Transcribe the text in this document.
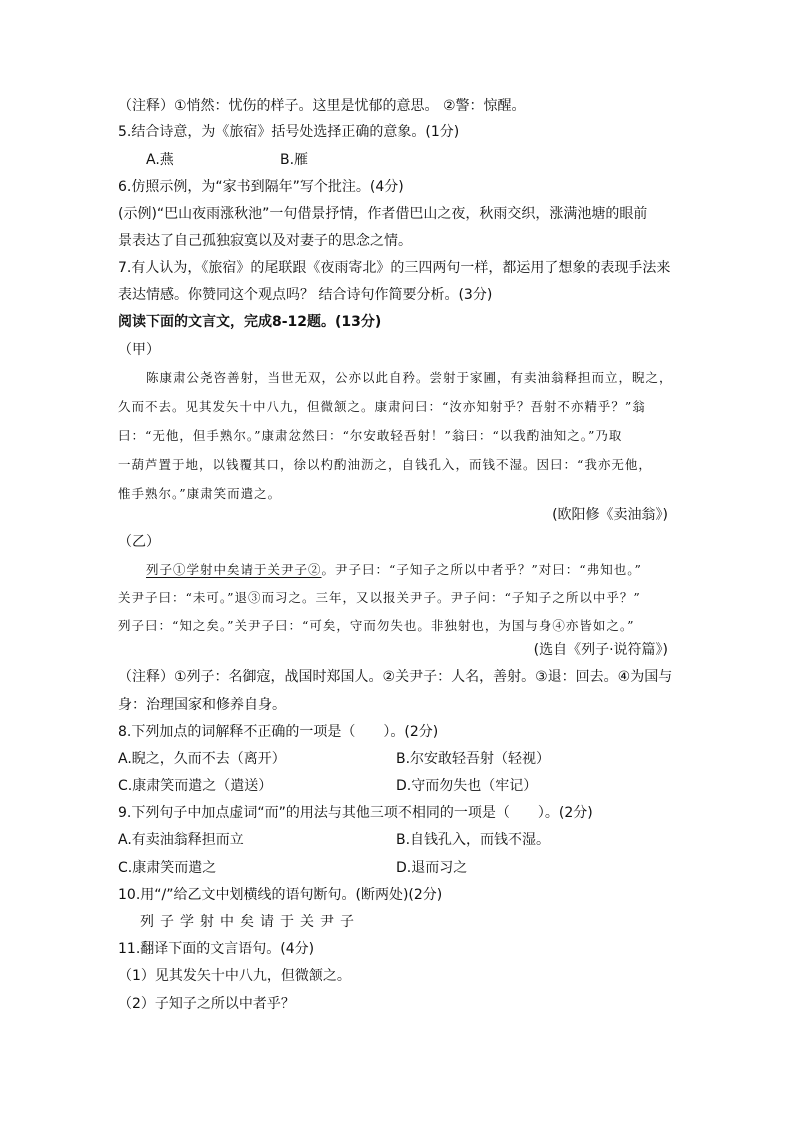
（注释）①悄然：忧伤的样子。这里是忧郁的意思。 ②警：惊醒。
5.结合诗意，为《旅宿》括号处选择正确的意象。(1分)
A.燕	B.雁
6.仿照示例，为“家书到隔年”写个批注。(4分)
(示例)“巴山夜雨涨秋池”一句借景抒情，作者借巴山之夜，秋雨交织，涨满池塘的眼前
景表达了自己孤独寂寞以及对妻子的思念之情。
7.有人认为，《旅宿》的尾联跟《夜雨寄北》的三四两句一样，都运用了想象的表现手法来
表达情感。你赞同这个观点吗？ 结合诗句作简要分析。(3分)
阅读下面的文言文，完成8-12题。(13分)
（甲）
陈康肃公尧咨善射，当世无双，公亦以此自矜。尝射于家圃，有卖油翁释担而立，睨之，
久而不去。见其发矢十中八九，但微颔之。康肃问曰：“汝亦知射乎？吾射不亦精乎？”翁
曰：“无他，但手熟尔。”康肃忿然曰：“尔安敢轻吾射！”翁曰：“以我酌油知之。”乃取
一葫芦置于地，以钱覆其口，徐以杓酌油沥之，自钱孔入，而钱不湿。因曰：“我亦无他，
惟手熟尔。”康肃笑而遣之。
(欧阳修《卖油翁》)
（乙）
列子①学射中矣请于关尹子②。尹子曰：“子知子之所以中者乎？”对曰：“弗知也。”
关尹子曰：“未可。”退③而习之。三年，又以报关尹子。尹子问：“子知子之所以中乎？”
列子曰：“知之矣。”关尹子曰：“可矣，守而勿失也。非独射也，为国与身④亦皆如之。”
(选自《列子·说符篇》)
（注释）①列子：名御寇，战国时郑国人。②关尹子：人名，善射。③退：回去。④为国与
身：治理国家和修养自身。
8.下列加点的词解释不正确的一项是（　　）。(2分)
A.睨之，久而不去（离开）	B.尔安敢轻吾射（轻视）
C.康肃笑而遣之（遣送）	D.守而勿失也（牢记）
9.下列句子中加点虚词“而”的用法与其他三项不相同的一项是（　　）。(2分)
A.有卖油翁释担而立	B.自钱孔入，而钱不湿。
C.康肃笑而遣之	D.退而习之
10.用“/”给乙文中划横线的语句断句。(断两处)(2分)
列子学射中矣请于关尹子
11.翻译下面的文言语句。(4分)
（1）见其发矢十中八九，但微颔之。
（2）子知子之所以中者乎？
